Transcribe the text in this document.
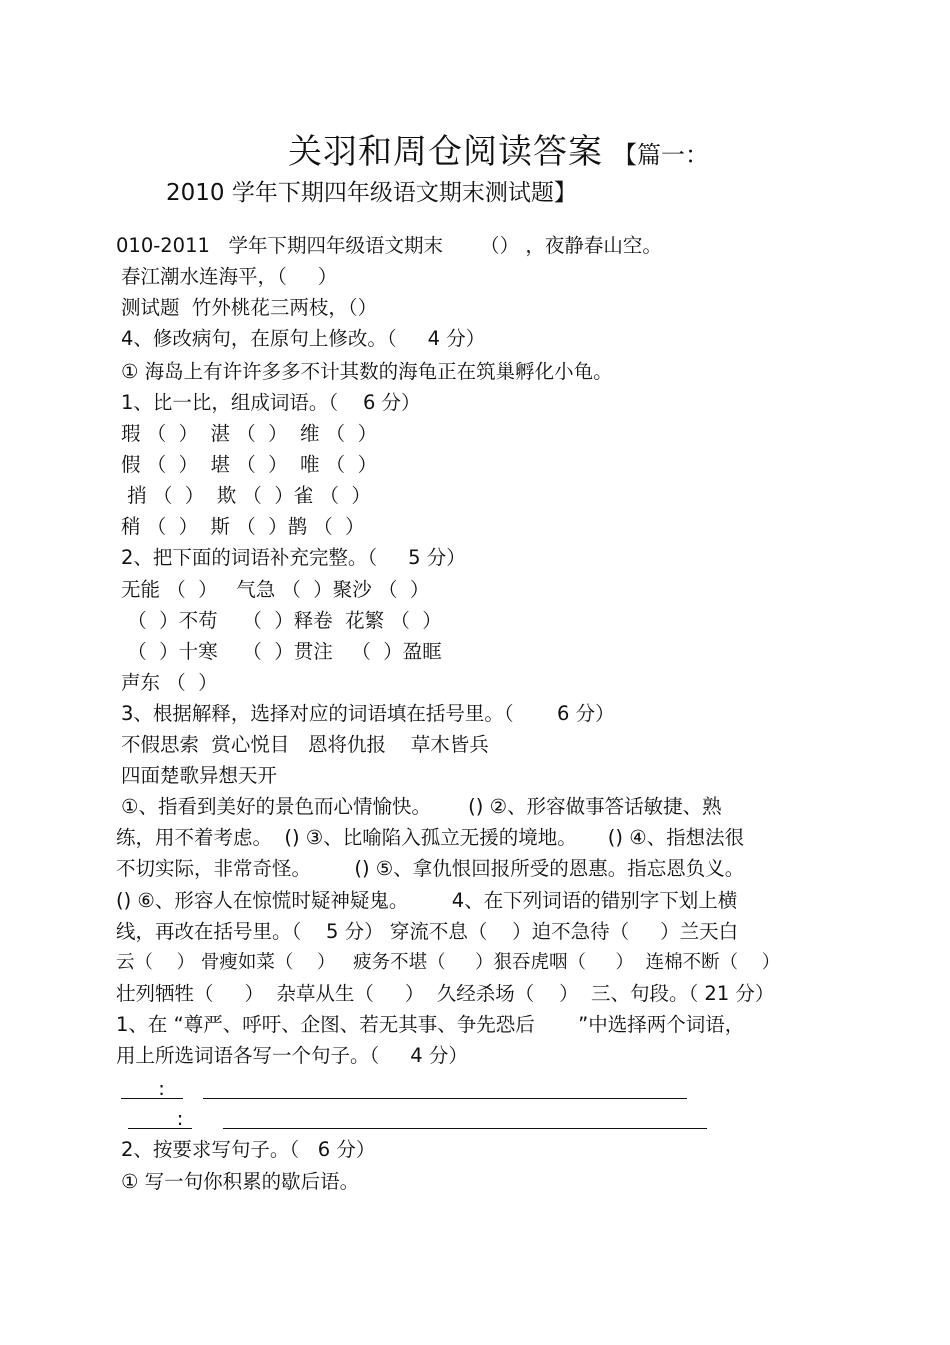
关羽和周仓阅读答案 【篇一：
2010 学年下期四年级语文期末测试题】
010-2011   学年下期四年级语文期末      （） ，夜静春山空。
春江潮水连海平，（     ）
测试题  竹外桃花三两枝，（）
4、修改病句，在原句上修改。（     4 分）
① 海岛上有许许多多不计其数的海龟正在筑巢孵化小龟。
1、比一比，组成词语。（    6 分）
瑕 （  ）  湛 （  ）  维 （  ）
假 （  ）  堪 （  ）  唯 （  ）
捎 （  ）  欺 （  ）雀 （  ）
稍 （  ）  斯 （  ）鹊 （  ）
2、把下面的词语补充完整。（     5 分）
无能 （  ）   气急 （  ）聚沙 （  ）
（  ）不苟    （  ）释卷  花繁 （  ）
（  ）十寒    （  ）贯注   （  ）盈眶
声东 （  ）
3、根据解释，选择对应的词语填在括号里。（       6 分）
不假思索  赏心悦目   恩将仇报    草木皆兵
四面楚歌异想天开
①、指看到美好的景色而心情愉快。      () ②、形容做事答话敏捷、熟
练，用不着考虑。  () ③、比喻陷入孤立无援的境地。     () ④、指想法很
不切实际，非常奇怪。       () ⑤、拿仇恨回报所受的恩惠。指忘恩负义。
() ⑥、形容人在惊慌时疑神疑鬼。       4、在下列词语的错别字下划上横
线，再改在括号里。（    5 分） 穿流不息（    ）迫不急待（     ）兰天白
云（    ） 骨瘦如菜（    ）   疲务不堪（     ）狠吞虎咽（     ）  连棉不断（    ）
壮列牺牲（     ）  杂草从生（     ）  久经杀场（    ）  三、句段。（ 21 分）
1、在 “尊严、呼吁、企图、若无其事、争先恐后       ”中选择两个词语，
用上所选词语各写一个句子。（     4 分）
:
:
2、按要求写句子。（   6 分）
① 写一句你积累的歇后语。
